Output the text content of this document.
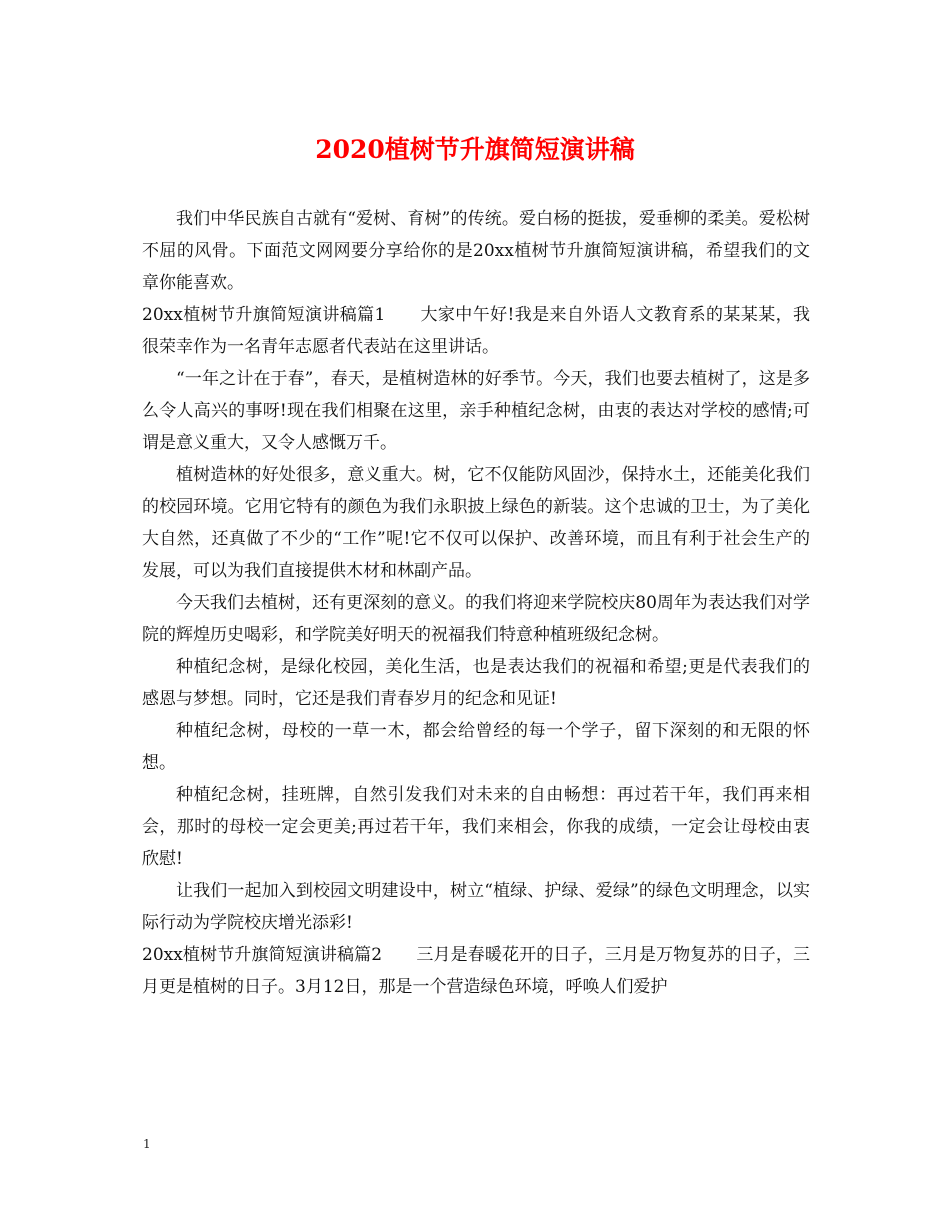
2020植树节升旗简短演讲稿

我们中华民族自古就有“爱树、育树”的传统。爱白杨的挺拔，爱垂柳的柔美。爱松树不屈的风骨。下面范文网网要分享给你的是20xx植树节升旗简短演讲稿，希望我们的文章你能喜欢。

20xx植树节升旗简短演讲稿篇1　　大家中午好!我是来自外语人文教育系的某某某，我很荣幸作为一名青年志愿者代表站在这里讲话。

“一年之计在于春”，春天，是植树造林的好季节。今天，我们也要去植树了，这是多么令人高兴的事呀!现在我们相聚在这里，亲手种植纪念树，由衷的表达对学校的感情;可谓是意义重大，又令人感慨万千。

植树造林的好处很多，意义重大。树，它不仅能防风固沙，保持水土，还能美化我们的校园环境。它用它特有的颜色为我们永职披上绿色的新装。这个忠诚的卫士，为了美化大自然，还真做了不少的“工作”呢!它不仅可以保护、改善环境，而且有利于社会生产的发展，可以为我们直接提供木材和林副产品。

今天我们去植树，还有更深刻的意义。的我们将迎来学院校庆80周年为表达我们对学院的辉煌历史喝彩，和学院美好明天的祝福我们特意种植班级纪念树。

种植纪念树，是绿化校园，美化生活，也是表达我们的祝福和希望;更是代表我们的感恩与梦想。同时，它还是我们青春岁月的纪念和见证!

种植纪念树，母校的一草一木，都会给曾经的每一个学子，留下深刻的和无限的怀想。

种植纪念树，挂班牌，自然引发我们对未来的自由畅想：再过若干年，我们再来相会，那时的母校一定会更美;再过若干年，我们来相会，你我的成绩，一定会让母校由衷欣慰!

让我们一起加入到校园文明建设中，树立“植绿、护绿、爱绿”的绿色文明理念，以实际行动为学院校庆增光添彩!

20xx植树节升旗简短演讲稿篇2　　三月是春暖花开的日子，三月是万物复苏的日子，三月更是植树的日子。3月12日，那是一个营造绿色环境，呼唤人们爱护

1
